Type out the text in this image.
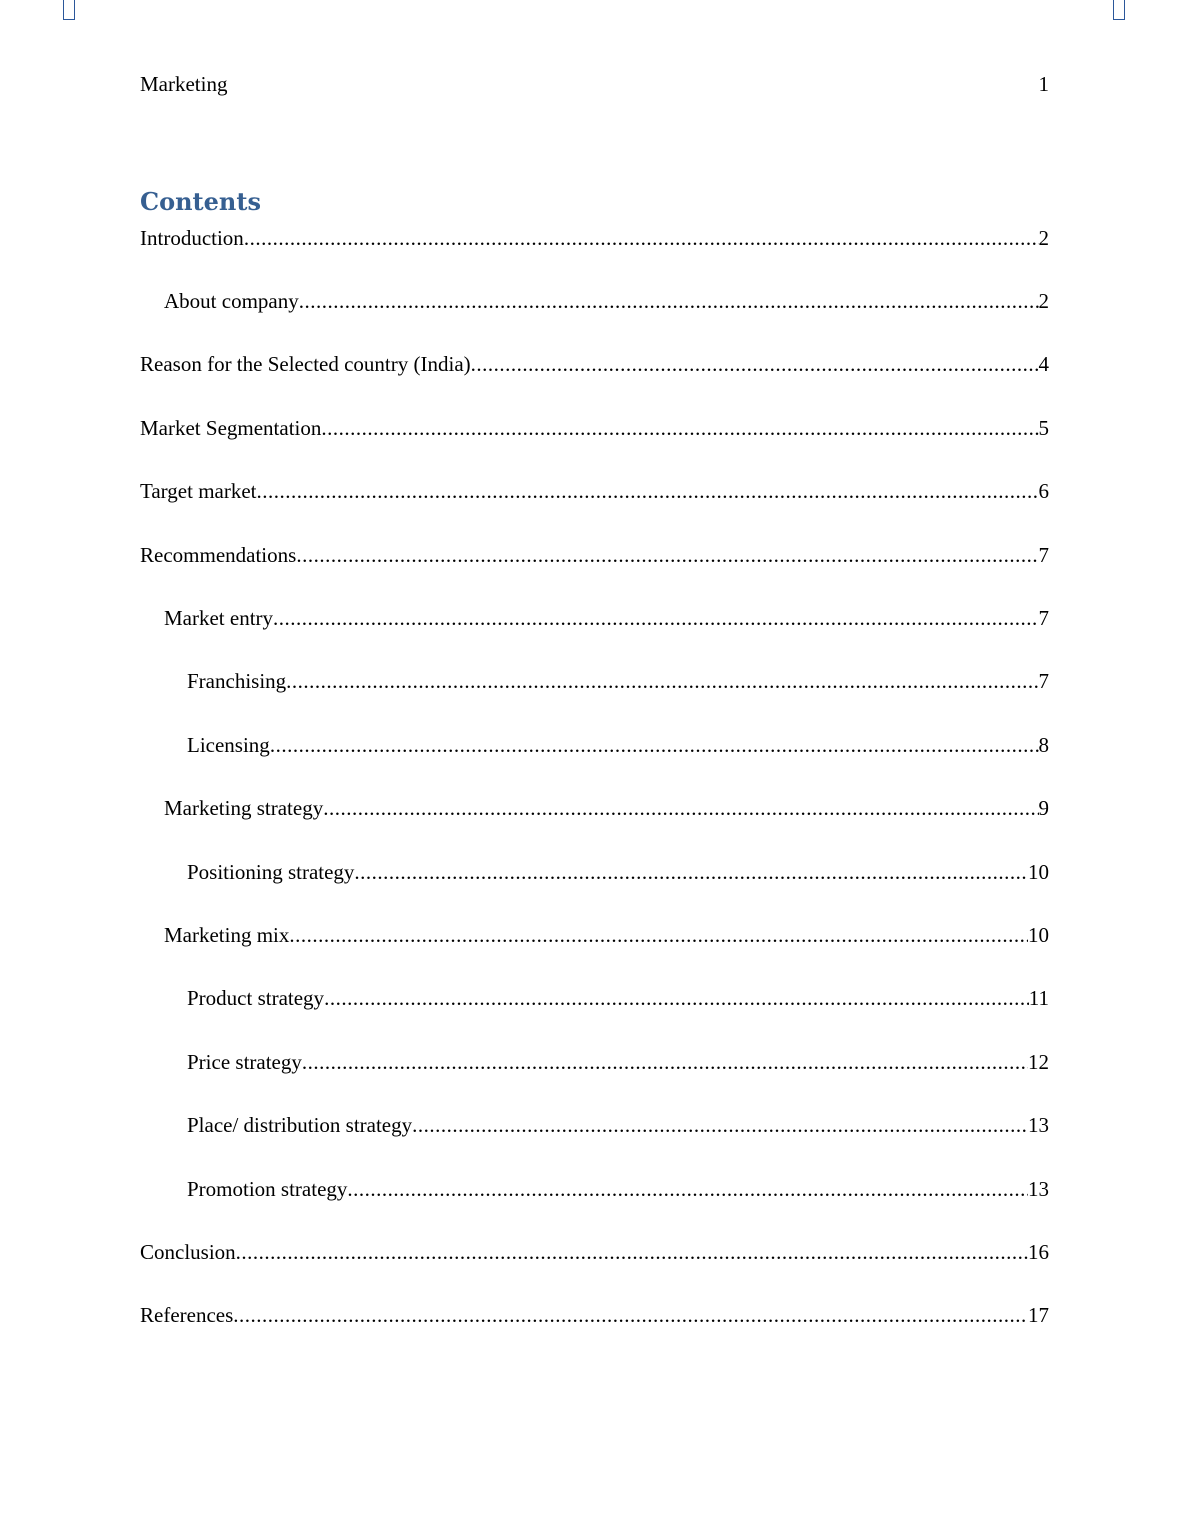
Marketing	1
Contents
Introduction .....	2
About company .....	2
Reason for the Selected country (India) .....	4
Market Segmentation .....	5
Target market .....	6
Recommendations .....	7
Market entry .....	7
Franchising .....	7
Licensing .....	8
Marketing strategy .....	9
Positioning strategy .....	10
Marketing mix .....	10
Product strategy .....	11
Price strategy .....	12
Place/ distribution strategy .....	13
Promotion strategy .....	13
Conclusion .....	16
References .....	17
